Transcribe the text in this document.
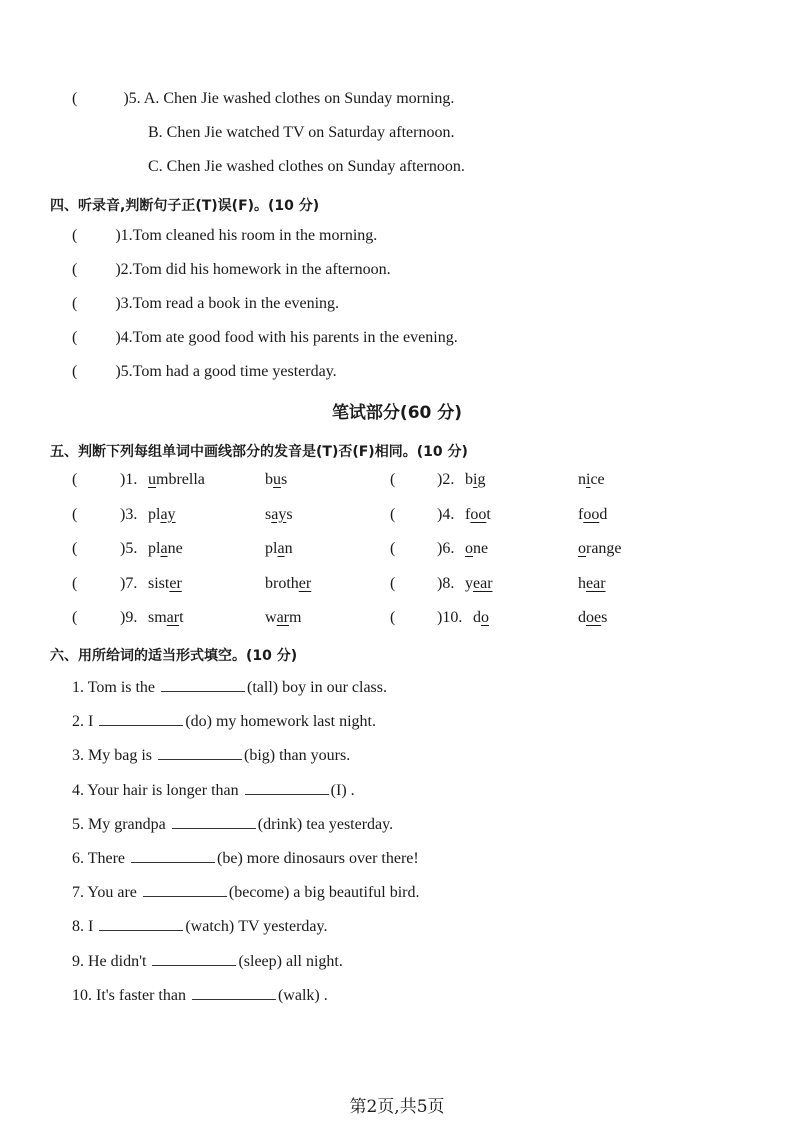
(	)5. A. Chen Jie washed clothes on Sunday morning.
B. Chen Jie watched TV on Saturday afternoon.
C. Chen Jie washed clothes on Sunday afternoon.
四、听录音,判断句子正(T)误(F)。(10 分)
( )1.Tom cleaned his room in the morning.
( )2.Tom did his homework in the afternoon.
( )3.Tom read a book in the evening.
( )4.Tom ate good food with his parents in the evening.
( )5.Tom had a good time yesterday.
笔试部分(60 分)
五、判断下列每组单词中画线部分的发音是(T)否(F)相同。(10 分)
(	)1. umbrella	bus	(	)2. big	nice
(	)3. play	says	(	)4. foot	food
(	)5. plane	plan	(	)6. one	orange
(	)7. sister	brother	(	)8. year	hear
(	)9. smart	warm	(	)10. do	does
六、用所给词的适当形式填空。(10 分)
1. Tom is the	(tall) boy in our class.
2. I	(do) my homework last night.
3. My bag is	(big) than yours.
4. Your hair is longer than	(I) .
5. My grandpa	(drink) tea yesterday.
6. There	(be) more dinosaurs over there!
7. You are	(become) a big beautiful bird.
8. I	(watch) TV yesterday.
9. He didn't	(sleep) all night.
10. It's faster than	(walk) .
第2页,共5页
